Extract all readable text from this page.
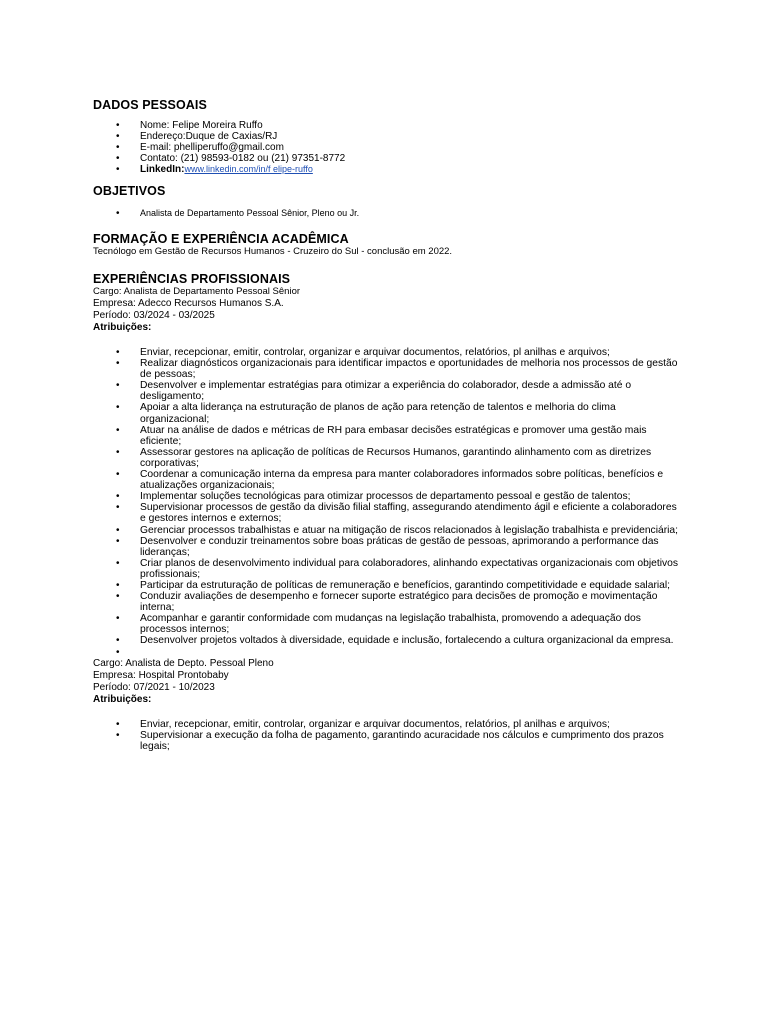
DADOS PESSOAIS
• Nome: Felipe Moreira Ruffo
• Endereço:Duque de Caxias/RJ
• E-mail: phelliperuffo@gmail.com
• Contato: (21) 98593-0182 ou (21) 97351-8772
• LinkedIn:www.linkedin.com/in/f elipe-ruffo
OBJETIVOS
• Analista de Departamento Pessoal Sênior, Pleno ou Jr.
FORMAÇÃO E EXPERIÊNCIA ACADÊMICA

Tecnólogo em Gestão de Recursos Humanos - Cruzeiro do Sul - conclusão em 2022.

EXPERIÊNCIAS PROFISSIONAIS

Cargo: Analista de Departamento Pessoal Sênior

Empresa: Adecco Recursos Humanos S.A.

Período: 03/2024 - 03/2025

Atribuições:

• Enviar, recepcionar, emitir, controlar, organizar e arquivar documentos, relatórios, pl anilhas e arquivos;
• Realizar diagnósticos organizacionais para identificar impactos e oportunidades de melhoria nos processos de gestão de pessoas;
• Desenvolver e implementar estratégias para otimizar a experiência do colaborador, desde a admissão até o desligamento;
• Apoiar a alta liderança na estruturação de planos de ação para retenção de talentos e melhoria do clima organizacional;
• Atuar na análise de dados e métricas de RH para embasar decisões estratégicas e promover uma gestão mais eficiente;
• Assessorar gestores na aplicação de políticas de Recursos Humanos, garantindo alinhamento com as diretrizes corporativas;
• Coordenar a comunicação interna da empresa para manter colaboradores informados sobre políticas, benefícios e atualizações organizacionais;
• Implementar soluções tecnológicas para otimizar processos de departamento pessoal e gestão de talentos;
• Supervisionar processos de gestão da divisão filial staffing, assegurando atendimento ágil e eficiente a colaboradores e gestores internos e externos;
• Gerenciar processos trabalhistas e atuar na mitigação de riscos relacionados à legislação trabalhista e previdenciária;
• Desenvolver e conduzir treinamentos sobre boas práticas de gestão de pessoas, aprimorando a performance das lideranças;
• Criar planos de desenvolvimento individual para colaboradores, alinhando expectativas organizacionais com objetivos profissionais;
• Participar da estruturação de políticas de remuneração e benefícios, garantindo competitividade e equidade salarial;
• Conduzir avaliações de desempenho e fornecer suporte estratégico para decisões de promoção e movimentação interna;
• Acompanhar e garantir conformidade com mudanças na legislação trabalhista, promovendo a adequação dos processos internos;
• Desenvolver projetos voltados à diversidade, equidade e inclusão, fortalecendo a cultura organizacional da empresa.
•

Cargo: Analista de Depto. Pessoal Pleno

Empresa: Hospital Prontobaby

Período: 07/2021 - 10/2023

Atribuições:

• Enviar, recepcionar, emitir, controlar, organizar e arquivar documentos, relatórios, pl anilhas e arquivos;
• Supervisionar a execução da folha de pagamento, garantindo acuracidade nos cálculos e cumprimento dos prazos legais;
